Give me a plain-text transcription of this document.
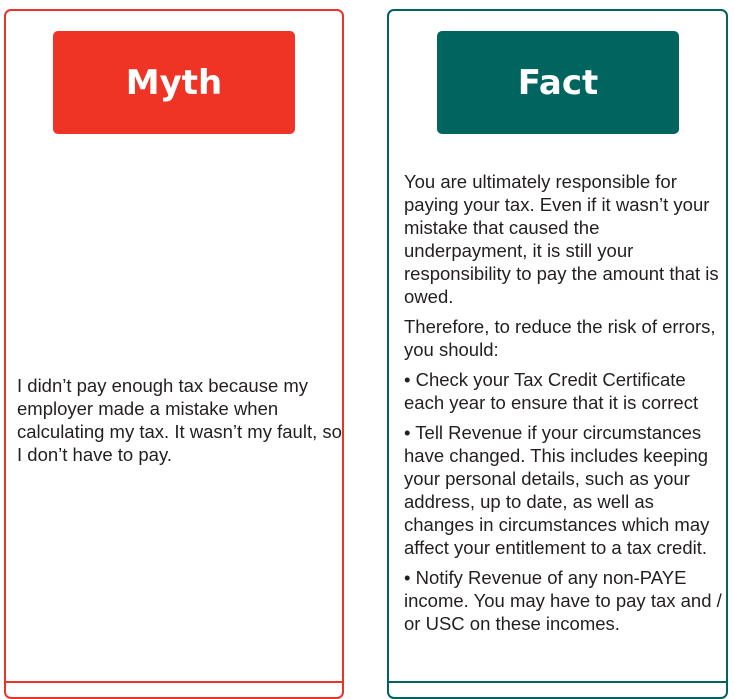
Myth

I didn’t pay enough tax because my employer made a mistake when calculating my tax. It wasn’t my fault, so I don’t have to pay.

Fact

You are ultimately responsible for paying your tax. Even if it wasn’t your mistake that caused the underpayment, it is still your responsibility to pay the amount that is owed.

Therefore, to reduce the risk of errors, you should:

• Check your Tax Credit Certificate each year to ensure that it is correct

• Tell Revenue if your circumstances have changed. This includes keeping your personal details, such as your address, up to date, as well as changes in circumstances which may affect your entitlement to a tax credit.

• Notify Revenue of any non-PAYE income. You may have to pay tax and / or USC on these incomes.
